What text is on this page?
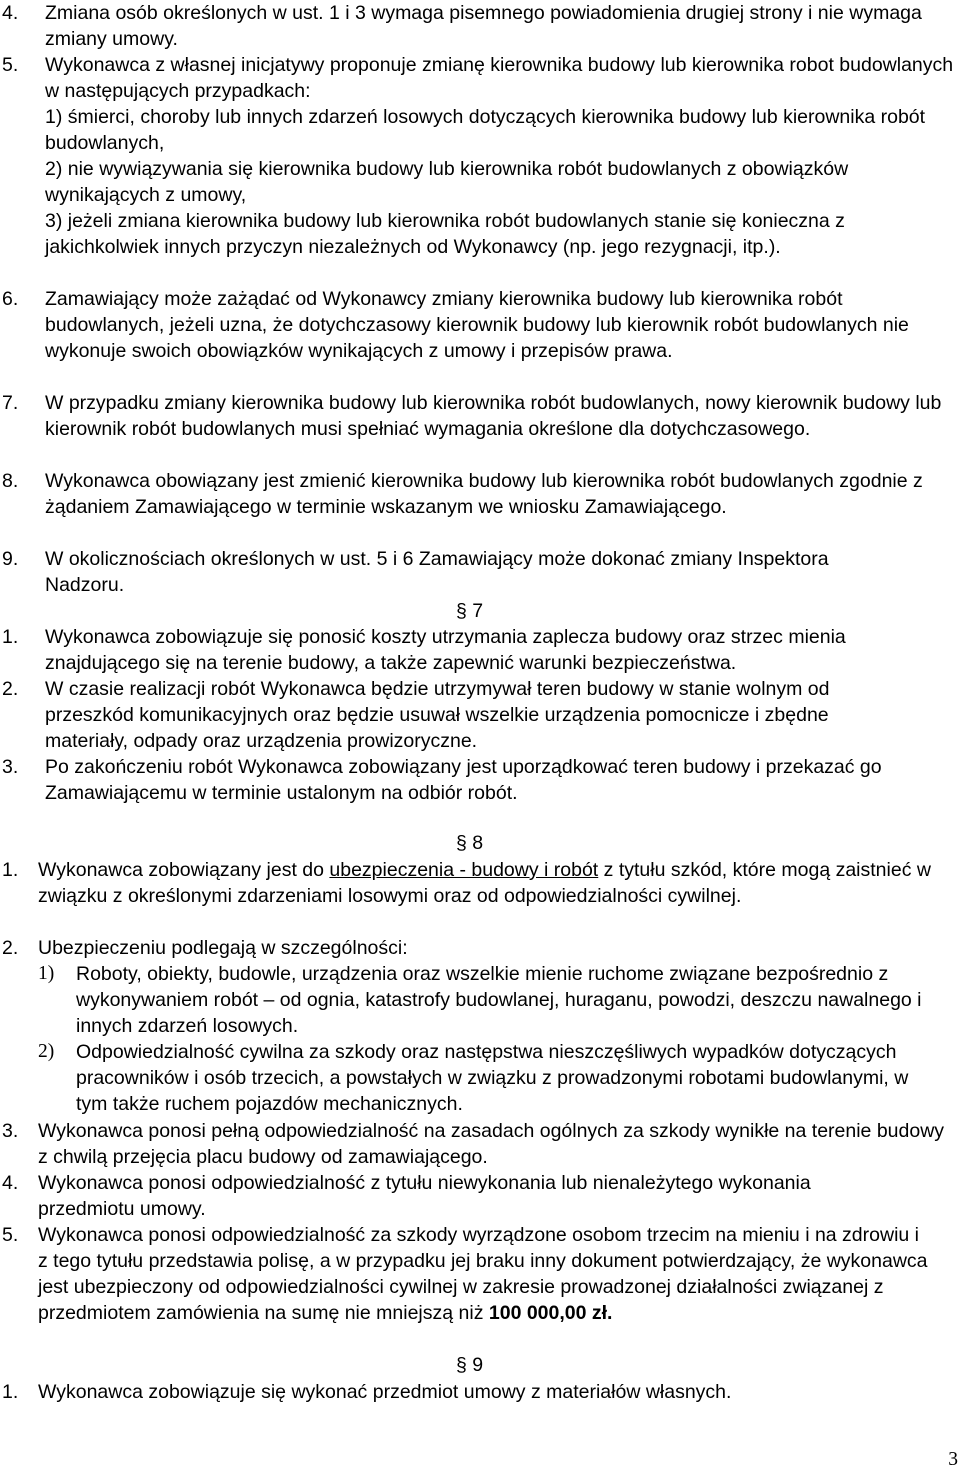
4. Zmiana osób określonych w ust. 1 i 3 wymaga pisemnego powiadomienia drugiej strony i nie wymaga zmiany umowy.
5. Wykonawca z własnej inicjatywy proponuje zmianę kierownika budowy lub kierownika robot budowlanych w następujących przypadkach:
1) śmierci, choroby lub innych zdarzeń losowych dotyczących kierownika budowy lub kierownika robót budowlanych,
2) nie wywiązywania się kierownika budowy lub kierownika robót budowlanych z obowiązków wynikających z umowy,
3) jeżeli zmiana kierownika budowy lub kierownika robót budowlanych stanie się konieczna z jakichkolwiek innych przyczyn niezależnych od Wykonawcy (np. jego rezygnacji, itp.).
6. Zamawiający może zażądać od Wykonawcy zmiany kierownika budowy lub kierownika robót budowlanych, jeżeli uzna, że dotychczasowy kierownik budowy lub kierownik robót budowlanych nie wykonuje swoich obowiązków wynikających z umowy i przepisów prawa.
7. W przypadku zmiany kierownika budowy lub kierownika robót budowlanych, nowy kierownik budowy lub kierownik robót budowlanych musi spełniać wymagania określone dla dotychczasowego.
8. Wykonawca obowiązany jest zmienić kierownika budowy lub kierownika robót budowlanych zgodnie z żądaniem Zamawiającego w terminie wskazanym we wniosku Zamawiającego.
9. W okolicznościach określonych w ust. 5 i 6 Zamawiający może dokonać zmiany Inspektora Nadzoru.
§ 7
1. Wykonawca zobowiązuje się ponosić koszty utrzymania zaplecza budowy oraz strzec mienia znajdującego się na terenie budowy, a także zapewnić warunki bezpieczeństwa.
2. W czasie realizacji robót Wykonawca będzie utrzymywał teren budowy w stanie wolnym od przeszkód komunikacyjnych oraz będzie usuwał wszelkie urządzenia pomocnicze i zbędne materiały, odpady oraz urządzenia prowizoryczne.
3. Po zakończeniu robót Wykonawca zobowiązany jest uporządkować teren budowy i przekazać go Zamawiającemu w terminie ustalonym na odbiór robót.
§ 8
1. Wykonawca zobowiązany jest do ubezpieczenia - budowy i robót z tytułu szkód, które mogą zaistnieć w związku z określonymi zdarzeniami losowymi oraz od odpowiedzialności cywilnej.
2. Ubezpieczeniu podlegają w szczególności:
1) Roboty, obiekty, budowle, urządzenia oraz wszelkie mienie ruchome związane bezpośrednio z wykonywaniem robót – od ognia, katastrofy budowlanej, huraganu, powodzi, deszczu nawalnego i innych zdarzeń losowych.
2) Odpowiedzialność cywilna za szkody oraz następstwa nieszczęśliwych wypadków dotyczących pracowników i osób trzecich, a powstałych w związku z prowadzonymi robotami budowlanymi, w tym także ruchem pojazdów mechanicznych.
3. Wykonawca ponosi pełną odpowiedzialność na zasadach ogólnych za szkody wynikłe na terenie budowy z chwilą przejęcia placu budowy od zamawiającego.
4. Wykonawca ponosi odpowiedzialność z tytułu niewykonania lub nienależytego wykonania przedmiotu umowy.
5. Wykonawca ponosi odpowiedzialność za szkody wyrządzone osobom trzecim na mieniu i na zdrowiu i z tego tytułu przedstawia polisę, a w przypadku jej braku inny dokument potwierdzający, że wykonawca jest ubezpieczony od odpowiedzialności cywilnej w zakresie prowadzonej działalności związanej z przedmiotem zamówienia na sumę nie mniejszą niż 100 000,00 zł.
§ 9
1. Wykonawca zobowiązuje się wykonać przedmiot umowy z materiałów własnych.
3
